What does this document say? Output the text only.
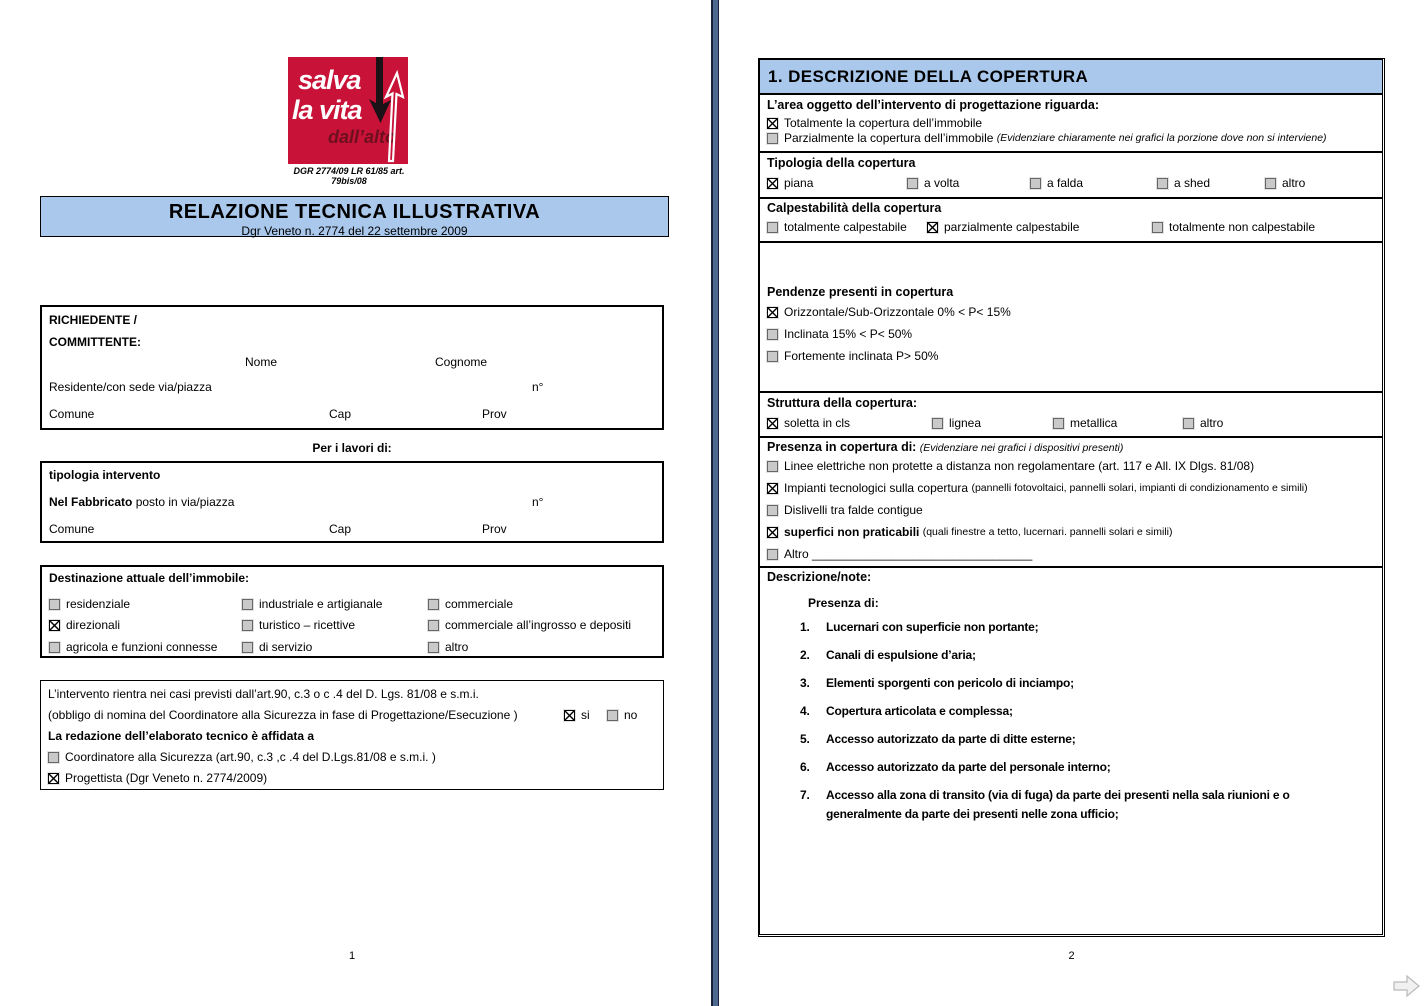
salva
la vita
dall’alto
DGR 2774/09 LR 61/85 art. 79bis/08
RELAZIONE TECNICA ILLUSTRATIVA
Dgr Veneto n. 2774 del 22 settembre 2009
RICHIEDENTE /
COMMITTENTE:
Nome	Cognome
Residente/con sede via/piazza	n°
Comune	Cap	Prov
Per i lavori di:
tipologia intervento
Nel Fabbricato posto in via/piazza	n°
Comune	Cap	Prov
Destinazione attuale dell’immobile:
residenziale	industriale e artigianale	commerciale
direzionali	turistico – ricettive	commerciale all’ingrosso e depositi
agricola e funzioni connesse	di servizio	altro
L’intervento rientra nei casi previsti dall’art.90, c.3 o c .4 del D. Lgs. 81/08 e s.m.i.
(obbligo di nomina del Coordinatore alla Sicurezza in fase di Progettazione/Esecuzione )	si	no
La redazione dell’elaborato tecnico è affidata a
Coordinatore alla Sicurezza (art.90, c.3 ,c .4 del D.Lgs.81/08 e s.m.i. )
Progettista (Dgr Veneto n. 2774/2009)
1
1. DESCRIZIONE DELLA COPERTURA
L’area oggetto dell’intervento di progettazione riguarda:
Totalmente la copertura dell’immobile
Parzialmente la copertura dell’immobile
(Evidenziare chiaramente nei grafici la porzione dove non si interviene)
Tipologia della copertura
piana	a volta	a falda	a shed	altro
Calpestabilità della copertura
totalmente calpestabile	parzialmente calpestabile	totalmente non calpestabile
Pendenze presenti in copertura
Orizzontale/Sub-Orizzontale 0% < P< 15%
Inclinata 15% < P< 50%
Fortemente inclinata P> 50%
Struttura della copertura:
soletta in cls	lignea	metallica	altro
Presenza in copertura di: (Evidenziare nei grafici i dispositivi presenti)
Linee elettriche non protette a distanza non regolamentare (art. 117 e All. IX Dlgs. 81/08)
Impianti tecnologici sulla copertura
(pannelli fotovoltaici, pannelli solari, impianti di condizionamento e simili)
Dislivelli tra falde contigue
superfici non praticabili
(quali finestre a tetto, lucernari. pannelli solari e simili)
Altro
_________________________________
Descrizione/note:
Presenza di:
1.	Lucernari con superficie non portante;
2.	Canali di espulsione d’aria;
3.	Elementi sporgenti con pericolo di inciampo;
4.	Copertura articolata e complessa;
5.	Accesso autorizzato da parte di ditte esterne;
6.	Accesso autorizzato da parte del personale interno;
7.	Accesso alla zona di transito (via di fuga) da parte dei presenti nella sala riunioni e o generalmente da parte dei presenti nelle zona ufficio;
2
